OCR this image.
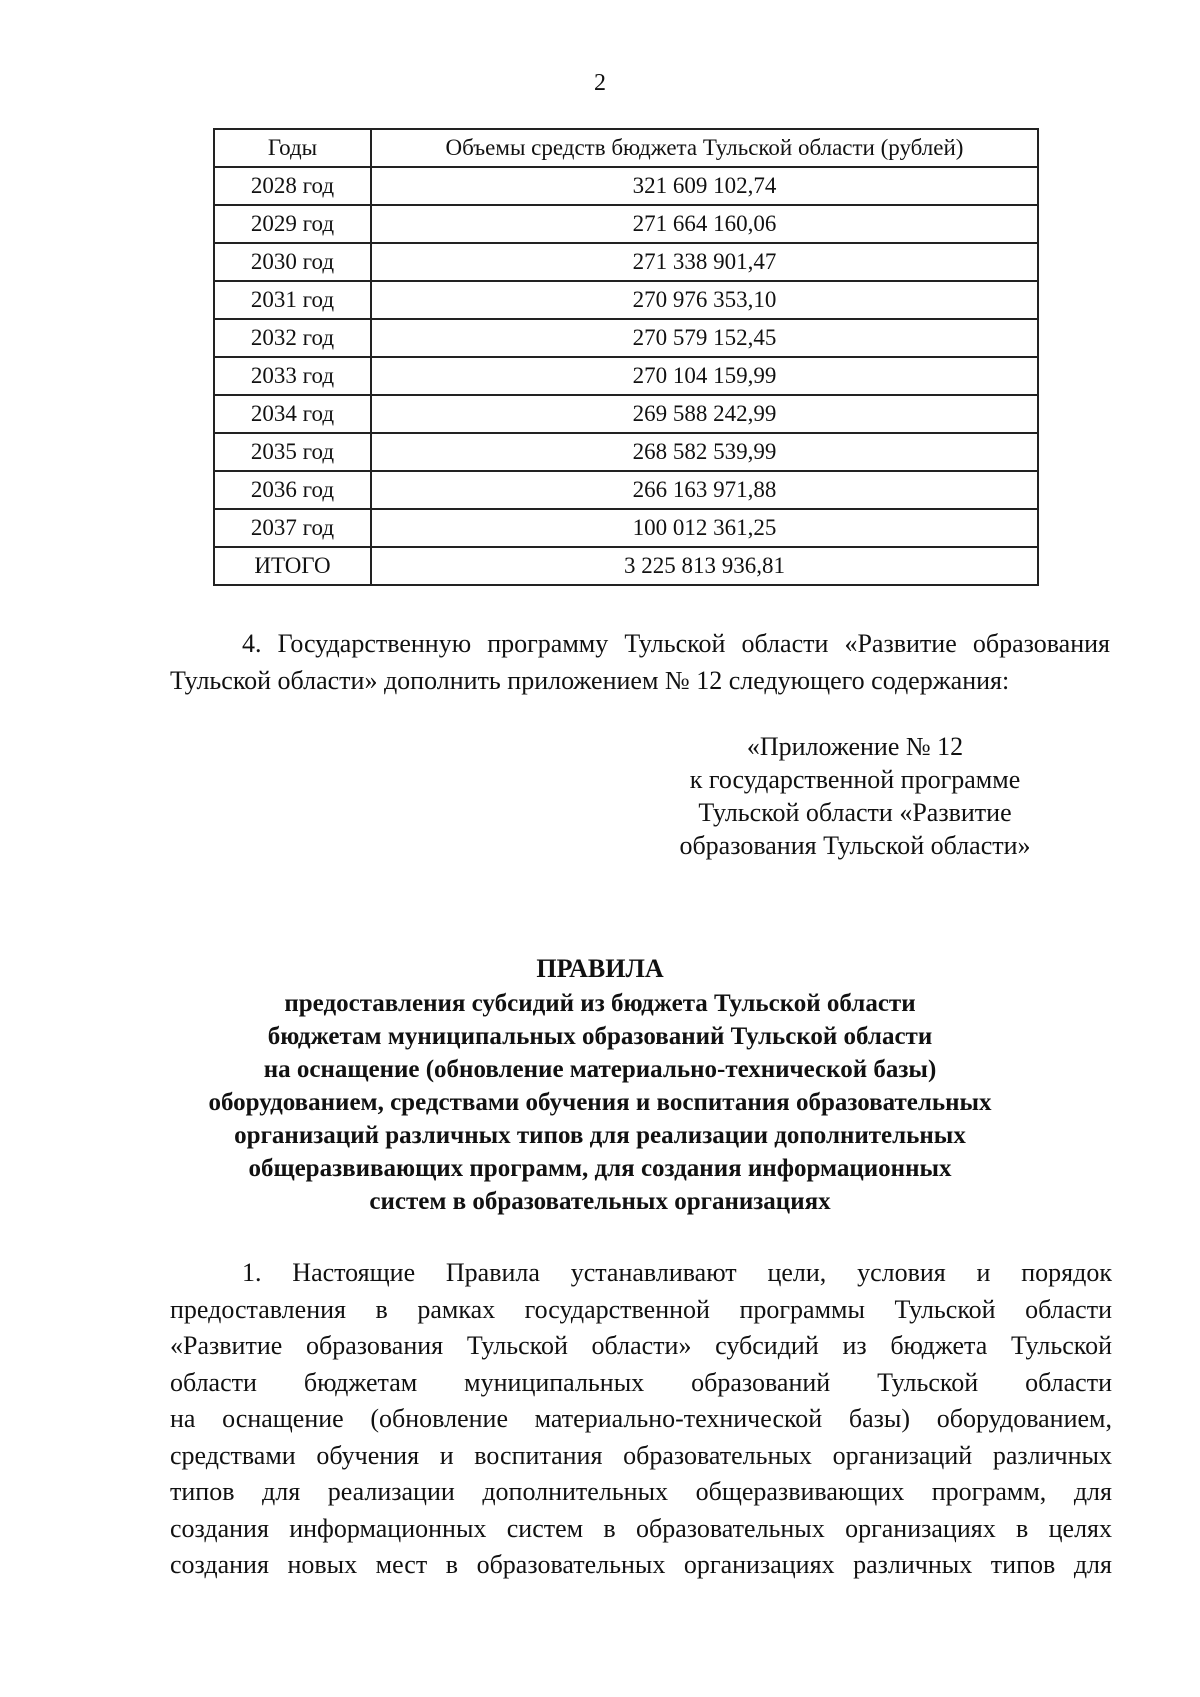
2
Годы	Объемы средств бюджета Тульской области (рублей)
2028 год	321 609 102,74
2029 год	271 664 160,06
2030 год	271 338 901,47
2031 год	270 976 353,10
2032 год	270 579 152,45
2033 год	270 104 159,99
2034 год	269 588 242,99
2035 год	268 582 539,99
2036 год	266 163 971,88
2037 год	100 012 361,25
ИТОГО	3 225 813 936,81
4. Государственную программу Тульской области «Развитие образования Тульской области» дополнить приложением № 12 следующего содержания:
«Приложение № 12
к государственной программе
Тульской области «Развитие
образования Тульской области»
ПРАВИЛА
предоставления субсидий из бюджета Тульской области
бюджетам муниципальных образований Тульской области
на оснащение (обновление материально-технической базы)
оборудованием, средствами обучения и воспитания образовательных
организаций различных типов для реализации дополнительных
общеразвивающих программ, для создания информационных
систем в образовательных организациях
1. Настоящие Правила устанавливают цели, условия и порядок
предоставления в рамках государственной программы Тульской области
«Развитие образования Тульской области» субсидий из бюджета Тульской
области бюджетам муниципальных образований Тульской области
на оснащение (обновление материально-технической базы) оборудованием,
средствами обучения и воспитания образовательных организаций различных
типов для реализации дополнительных общеразвивающих программ, для
создания информационных систем в образовательных организациях в целях
создания новых мест в образовательных организациях различных типов для
